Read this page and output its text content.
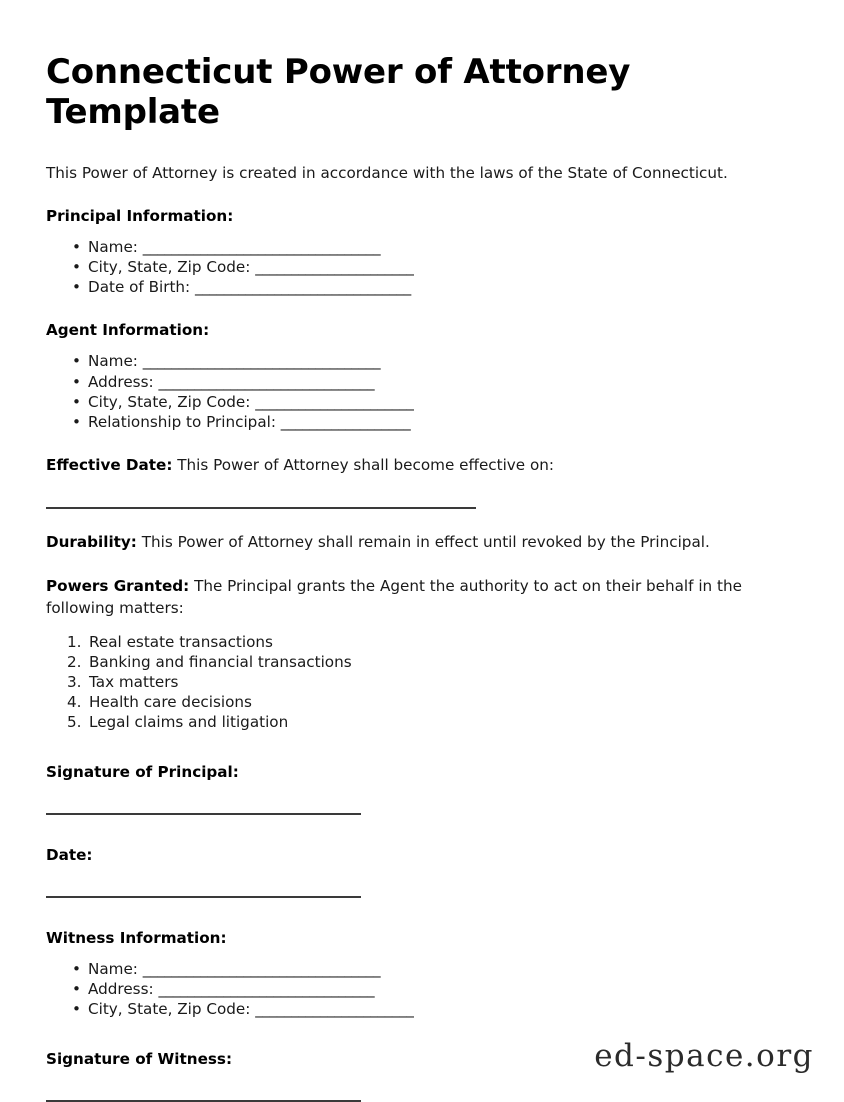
Connecticut Power of Attorney Template

This Power of Attorney is created in accordance with the laws of the State of Connecticut.

Principal Information:
• Name: _________________________________
• City, State, Zip Code: ______________________
• Date of Birth: ______________________________
Agent Information:
• Name: _________________________________
• Address: ______________________________
• City, State, Zip Code: ______________________
• Relationship to Principal: __________________

Effective Date: This Power of Attorney shall become effective on:

Durability: This Power of Attorney shall remain in effect until revoked by the Principal.

Powers Granted: The Principal grants the Agent the authority to act on their behalf in the following matters:

Real estate transactions
Banking and financial transactions
Tax matters
Health care decisions
Legal claims and litigation
Signature of Principal:
Date:
Witness Information:
• Name: _________________________________
• Address: ______________________________
• City, State, Zip Code: ______________________
Signature of Witness:	ed-space.org
